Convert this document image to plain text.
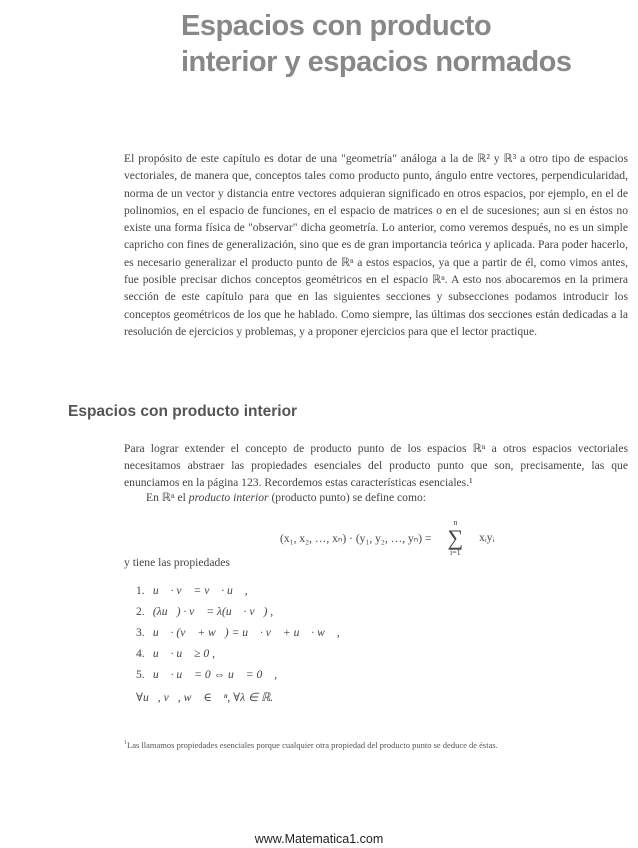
Espacios con producto
interior y espacios normados

El propósito de este capítulo es dotar de una "geometría" análoga a la de ℝ² y ℝ³ a otro tipo de espacios vectoriales, de manera que, conceptos tales como producto punto, ángulo entre vectores, perpendicularidad, norma de un vector y distancia entre vectores adquieran significado en otros espacios, por ejemplo, en el de polinomios, en el espacio de funciones, en el espacio de matrices o en el de sucesiones; aun si en éstos no existe una forma física de "observar" dicha geometría. Lo anterior, como veremos después, no es un simple capricho con fines de generalización, sino que es de gran importancia teórica y aplicada. Para poder hacerlo, es necesario generalizar el producto punto de ℝⁿ a estos espacios, ya que a partir de él, como vimos antes, fue posible precisar dichos conceptos geométricos en el espacio ℝⁿ. A esto nos abocaremos en la primera sección de este capítulo para que en las siguientes secciones y subsecciones podamos introducir los conceptos geométricos de los que he hablado. Como siempre, las últimas dos secciones están dedicadas a la resolución de ejercicios y problemas, y a proponer ejercicios para que el lector practique.

Espacios con producto interior

Para lograr extender el concepto de producto punto de los espacios ℝⁿ a otros espacios vectoriales necesitamos abstraer las propiedades esenciales del producto punto que son, precisamente, las que enunciamos en la página 123. Recordemos estas características esenciales.¹

En ℝⁿ el producto interior (producto punto) se define como:

(x₁, x₂, …, xₙ) · (y₁, y₂, …, yₙ) =
n
∑
i=1
xᵢyᵢ

y tiene las propiedades

1. u⃗ · v⃗ = v⃗ · u⃗ ,
2. (λu⃗) · v⃗ = λ(u⃗ · v⃗) ,
3. u⃗ · (v⃗ + w⃗) = u⃗ · v⃗ + u⃗ · w⃗ ,
4. u⃗ · u⃗ ≥ 0 ,
5. u⃗ · u⃗ = 0 ⇔ u⃗ = 0⃗ ,
∀u⃗, v⃗, w⃗ ∈ ℝⁿ, ∀λ ∈ ℝ.

$^1$Las llamamos propiedades esenciales porque cualquier otra propiedad del producto punto se deduce de éstas.

www.Matematica1.com
